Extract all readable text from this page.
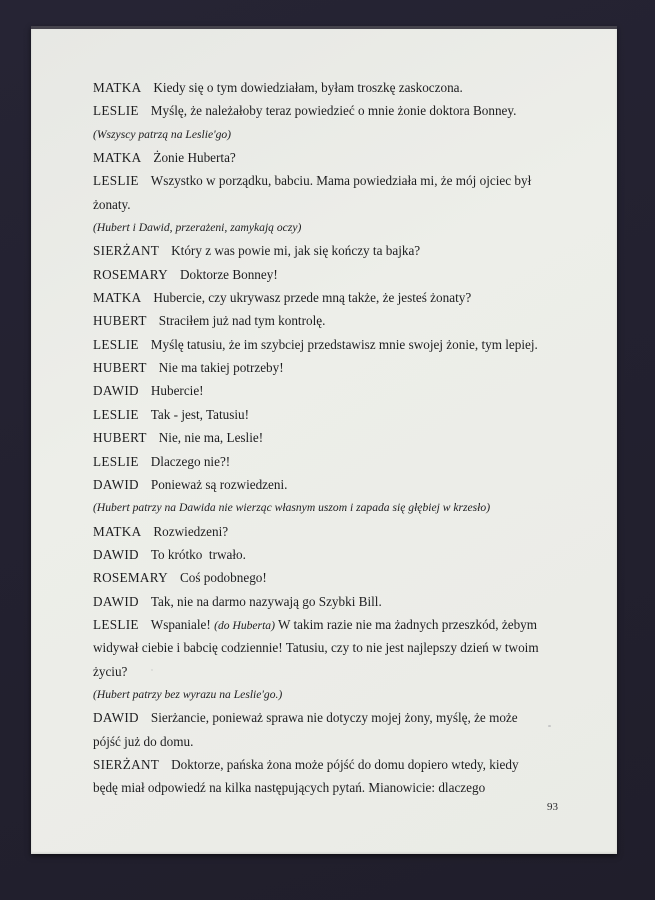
MATKA Kiedy się o tym dowiedziałam, byłam troszkę zaskoczona.
LESLIE Myślę, że należałoby teraz powiedzieć o mnie żonie doktora Bonney.
(Wszyscy patrzą na Leslie'go)
MATKA Żonie Huberta?
LESLIE Wszystko w porządku, babciu. Mama powiedziała mi, że mój ojciec był
żonaty.
(Hubert i Dawid, przerażeni, zamykają oczy)
SIERŻANT Który z was powie mi, jak się kończy ta bajka?
ROSEMARY Doktorze Bonney!
MATKA Hubercie, czy ukrywasz przede mną także, że jesteś żonaty?
HUBERT Straciłem już nad tym kontrolę.
LESLIE Myślę tatusiu, że im szybciej przedstawisz mnie swojej żonie, tym lepiej.
HUBERT Nie ma takiej potrzeby!
DAWID Hubercie!
LESLIE Tak - jest, Tatusiu!
HUBERT Nie, nie ma, Leslie!
LESLIE Dlaczego nie?!
DAWID Ponieważ są rozwiedzeni.
(Hubert patrzy na Dawida nie wierząc własnym uszom i zapada się głębiej w krzesło)
MATKA Rozwiedzeni?
DAWID To krótko  trwało.
ROSEMARY Coś podobnego!
DAWID Tak, nie na darmo nazywają go Szybki Bill.
LESLIE Wspaniale! (do Huberta) W takim razie nie ma żadnych przeszkód, żebym
widywał ciebie i babcię codziennie! Tatusiu, czy to nie jest najlepszy dzień w twoim
życiu?
(Hubert patrzy bez wyrazu na Leslie'go.)
DAWID Sierżancie, ponieważ sprawa nie dotyczy mojej żony, myślę, że może
pójść już do domu.
SIERŻANT Doktorze, pańska żona może pójść do domu dopiero wtedy, kiedy
będę miał odpowiedź na kilka następujących pytań. Mianowicie: dlaczego
93
